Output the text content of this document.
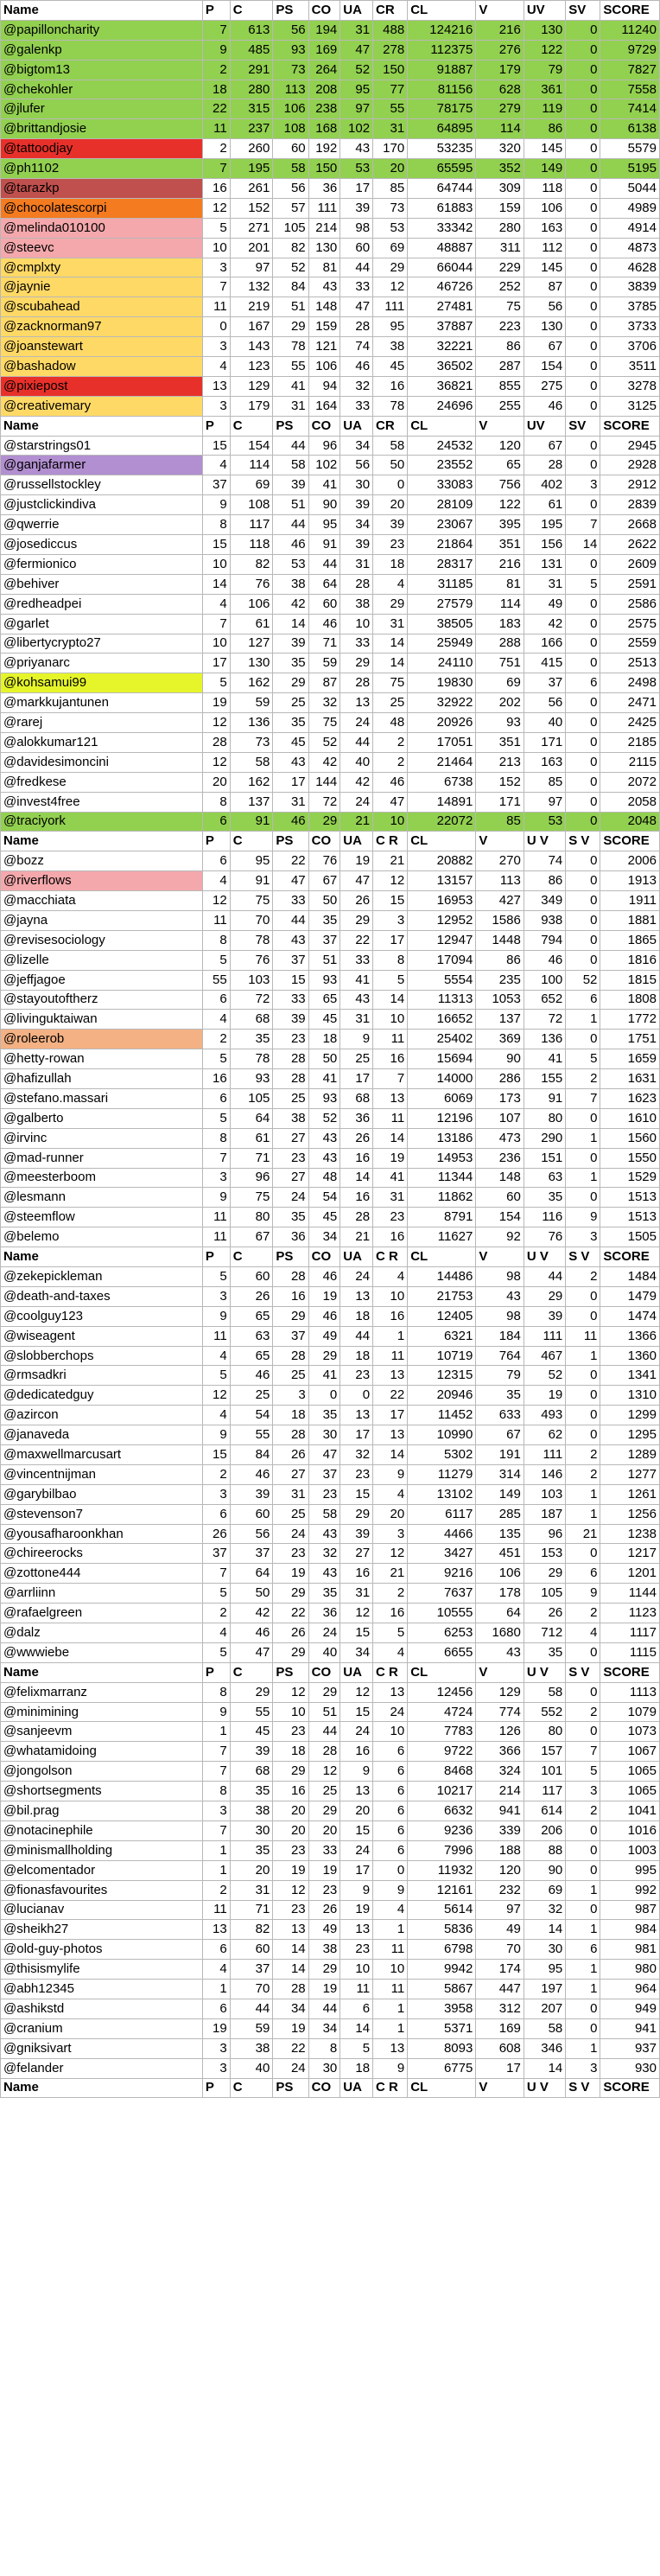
Name	P	C	PS	CO	UA	CR	CL	V	UV	SV	SCORE
@papilloncharity	7	613	56	194	31	488	124216	216	130	0	11240
@galenkp	9	485	93	169	47	278	112375	276	122	0	9729
@bigtom13	2	291	73	264	52	150	91887	179	79	0	7827
@chekohler	18	280	113	208	95	77	81156	628	361	0	7558
@jlufer	22	315	106	238	97	55	78175	279	119	0	7414
@brittandjosie	11	237	108	168	102	31	64895	114	86	0	6138
@tattoodjay	2	260	60	192	43	170	53235	320	145	0	5579
@ph1102	7	195	58	150	53	20	65595	352	149	0	5195
@tarazkp	16	261	56	36	17	85	64744	309	118	0	5044
@chocolatescorpi	12	152	57	111	39	73	61883	159	106	0	4989
@melinda010100	5	271	105	214	98	53	33342	280	163	0	4914
@steevc	10	201	82	130	60	69	48887	311	112	0	4873
@cmplxty	3	97	52	81	44	29	66044	229	145	0	4628
@jaynie	7	132	84	43	33	12	46726	252	87	0	3839
@scubahead	11	219	51	148	47	111	27481	75	56	0	3785
@zacknorman97	0	167	29	159	28	95	37887	223	130	0	3733
@joanstewart	3	143	78	121	74	38	32221	86	67	0	3706
@bashadow	4	123	55	106	46	45	36502	287	154	0	3511
@pixiepost	13	129	41	94	32	16	36821	855	275	0	3278
@creativemary	3	179	31	164	33	78	24696	255	46	0	3125
Name	P	C	PS	CO	UA	CR	CL	V	UV	SV	SCORE
@starstrings01	15	154	44	96	34	58	24532	120	67	0	2945
@ganjafarmer	4	114	58	102	56	50	23552	65	28	0	2928
@russellstockley	37	69	39	41	30	0	33083	756	402	3	2912
@justclickindiva	9	108	51	90	39	20	28109	122	61	0	2839
@qwerrie	8	117	44	95	34	39	23067	395	195	7	2668
@josediccus	15	118	46	91	39	23	21864	351	156	14	2622
@fermionico	10	82	53	44	31	18	28317	216	131	0	2609
@behiver	14	76	38	64	28	4	31185	81	31	5	2591
@redheadpei	4	106	42	60	38	29	27579	114	49	0	2586
@garlet	7	61	14	46	10	31	38505	183	42	0	2575
@libertycrypto27	10	127	39	71	33	14	25949	288	166	0	2559
@priyanarc	17	130	35	59	29	14	24110	751	415	0	2513
@kohsamui99	5	162	29	87	28	75	19830	69	37	6	2498
@markkujantunen	19	59	25	32	13	25	32922	202	56	0	2471
@rarej	12	136	35	75	24	48	20926	93	40	0	2425
@alokkumar121	28	73	45	52	44	2	17051	351	171	0	2185
@davidesimoncini	12	58	43	42	40	2	21464	213	163	0	2115
@fredkese	20	162	17	144	42	46	6738	152	85	0	2072
@invest4free	8	137	31	72	24	47	14891	171	97	0	2058
@traciyork	6	91	46	29	21	10	22072	85	53	0	2048
Name	P	C	PS	CO	UA	C R	CL	V	U V	S V	SCORE
@bozz	6	95	22	76	19	21	20882	270	74	0	2006
@riverflows	4	91	47	67	47	12	13157	113	86	0	1913
@macchiata	12	75	33	50	26	15	16953	427	349	0	1911
@jayna	11	70	44	35	29	3	12952	1586	938	0	1881
@revisesociology	8	78	43	37	22	17	12947	1448	794	0	1865
@lizelle	5	76	37	51	33	8	17094	86	46	0	1816
@jeffjagoe	55	103	15	93	41	5	5554	235	100	52	1815
@stayoutoftherz	6	72	33	65	43	14	11313	1053	652	6	1808
@livinguktaiwan	4	68	39	45	31	10	16652	137	72	1	1772
@roleerob	2	35	23	18	9	11	25402	369	136	0	1751
@hetty-rowan	5	78	28	50	25	16	15694	90	41	5	1659
@hafizullah	16	93	28	41	17	7	14000	286	155	2	1631
@stefano.massari	6	105	25	93	68	13	6069	173	91	7	1623
@galberto	5	64	38	52	36	11	12196	107	80	0	1610
@irvinc	8	61	27	43	26	14	13186	473	290	1	1560
@mad-runner	7	71	23	43	16	19	14953	236	151	0	1550
@meesterboom	3	96	27	48	14	41	11344	148	63	1	1529
@lesmann	9	75	24	54	16	31	11862	60	35	0	1513
@steemflow	11	80	35	45	28	23	8791	154	116	9	1513
@belemo	11	67	36	34	21	16	11627	92	76	3	1505
Name	P	C	PS	CO	UA	C R	CL	V	U V	S V	SCORE
@zekepickleman	5	60	28	46	24	4	14486	98	44	2	1484
@death-and-taxes	3	26	16	19	13	10	21753	43	29	0	1479
@coolguy123	9	65	29	46	18	16	12405	98	39	0	1474
@wiseagent	11	63	37	49	44	1	6321	184	111	11	1366
@slobberchops	4	65	28	29	18	11	10719	764	467	1	1360
@rmsadkri	5	46	25	41	23	13	12315	79	52	0	1341
@dedicatedguy	12	25	3	0	0	22	20946	35	19	0	1310
@azircon	4	54	18	35	13	17	11452	633	493	0	1299
@janaveda	9	55	28	30	17	13	10990	67	62	0	1295
@maxwellmarcusart	15	84	26	47	32	14	5302	191	111	2	1289
@vincentnijman	2	46	27	37	23	9	11279	314	146	2	1277
@garybilbao	3	39	31	23	15	4	13102	149	103	1	1261
@stevenson7	6	60	25	58	29	20	6117	285	187	1	1256
@yousafharoonkhan	26	56	24	43	39	3	4466	135	96	21	1238
@chireerocks	37	37	23	32	27	12	3427	451	153	0	1217
@zottone444	7	64	19	43	16	21	9216	106	29	6	1201
@arrliinn	5	50	29	35	31	2	7637	178	105	9	1144
@rafaelgreen	2	42	22	36	12	16	10555	64	26	2	1123
@dalz	4	46	26	24	15	5	6253	1680	712	4	1117
@wwwiebe	5	47	29	40	34	4	6655	43	35	0	1115
Name	P	C	PS	CO	UA	C R	CL	V	U V	S V	SCORE
@felixmarranz	8	29	12	29	12	13	12456	129	58	0	1113
@minimining	9	55	10	51	15	24	4724	774	552	2	1079
@sanjeevm	1	45	23	44	24	10	7783	126	80	0	1073
@whatamidoing	7	39	18	28	16	6	9722	366	157	7	1067
@jongolson	7	68	29	12	9	6	8468	324	101	5	1065
@shortsegments	8	35	16	25	13	6	10217	214	117	3	1065
@bil.prag	3	38	20	29	20	6	6632	941	614	2	1041
@notacinephile	7	30	20	20	15	6	9236	339	206	0	1016
@minismallholding	1	35	23	33	24	6	7996	188	88	0	1003
@elcomentador	1	20	19	19	17	0	11932	120	90	0	995
@fionasfavourites	2	31	12	23	9	9	12161	232	69	1	992
@lucianav	11	71	23	26	19	4	5614	97	32	0	987
@sheikh27	13	82	13	49	13	1	5836	49	14	1	984
@old-guy-photos	6	60	14	38	23	11	6798	70	30	6	981
@thisismylife	4	37	14	29	10	10	9942	174	95	1	980
@abh12345	1	70	28	19	11	11	5867	447	197	1	964
@ashikstd	6	44	34	44	6	1	3958	312	207	0	949
@cranium	19	59	19	34	14	1	5371	169	58	0	941
@gniksivart	3	38	22	8	5	13	8093	608	346	1	937
@felander	3	40	24	30	18	9	6775	17	14	3	930
Name	P	C	PS	CO	UA	C R	CL	V	U V	S V	SCORE
